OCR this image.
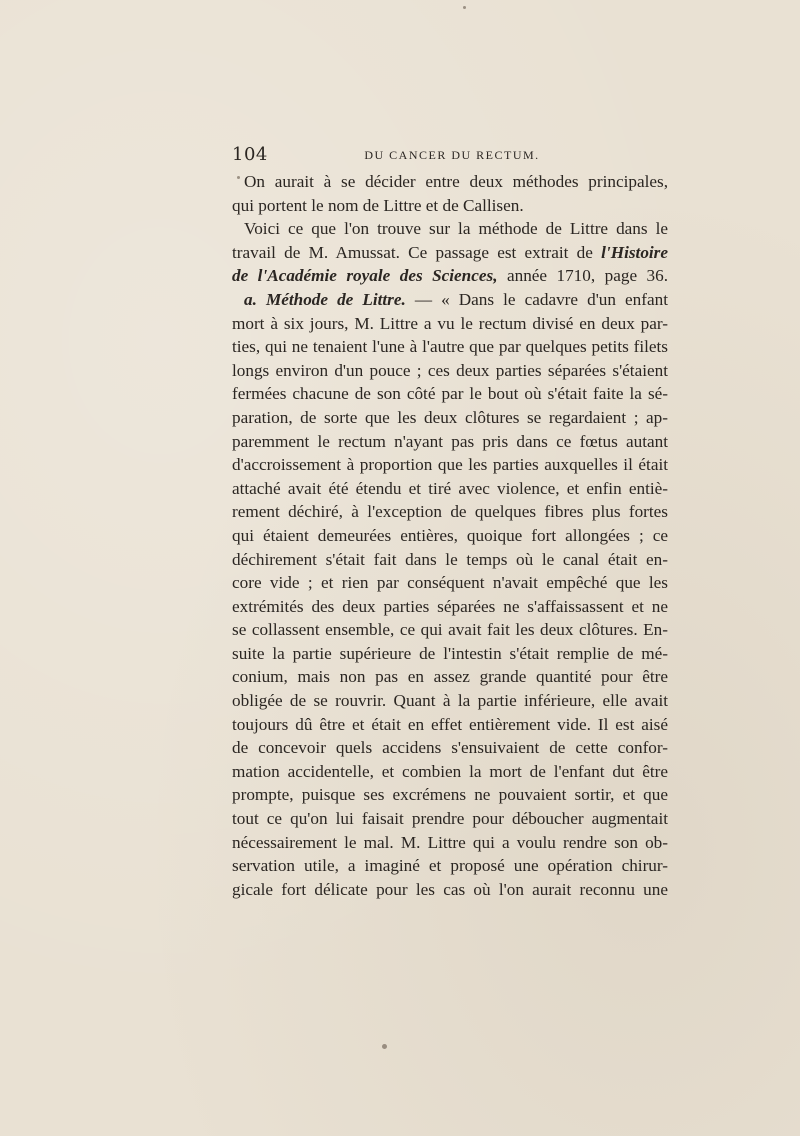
104	DU CANCER DU RECTUM.
On aurait à se décider entre deux méthodes principales,
qui portent le nom de Littre et de Callisen.
Voici ce que l'on trouve sur la méthode de Littre dans le
travail de M. Amussat. Ce passage est extrait de l'Histoire
de l'Académie royale des Sciences, année 1710, page 36.
a. Méthode de Littre. — « Dans le cadavre d'un enfant
mort à six jours, M. Littre a vu le rectum divisé en deux par-
ties, qui ne tenaient l'une à l'autre que par quelques petits filets
longs environ d'un pouce ; ces deux parties séparées s'étaient
fermées chacune de son côté par le bout où s'était faite la sé-
paration, de sorte que les deux clôtures se regardaient ; ap-
paremment le rectum n'ayant pas pris dans ce fœtus autant
d'accroissement à proportion que les parties auxquelles il était
attaché avait été étendu et tiré avec violence, et enfin entiè-
rement déchiré, à l'exception de quelques fibres plus fortes
qui étaient demeurées entières, quoique fort allongées ; ce
déchirement s'était fait dans le temps où le canal était en-
core vide ; et rien par conséquent n'avait empêché que les
extrémités des deux parties séparées ne s'affaissassent et ne
se collassent ensemble, ce qui avait fait les deux clôtures. En-
suite la partie supérieure de l'intestin s'était remplie de mé-
conium, mais non pas en assez grande quantité pour être
obligée de se rouvrir. Quant à la partie inférieure, elle avait
toujours dû être et était en effet entièrement vide. Il est aisé
de concevoir quels accidens s'ensuivaient de cette confor-
mation accidentelle, et combien la mort de l'enfant dut être
prompte, puisque ses excrémens ne pouvaient sortir, et que
tout ce qu'on lui faisait prendre pour déboucher augmentait
nécessairement le mal. M. Littre qui a voulu rendre son ob-
servation utile, a imaginé et proposé une opération chirur-
gicale fort délicate pour les cas où l'on aurait reconnu une
